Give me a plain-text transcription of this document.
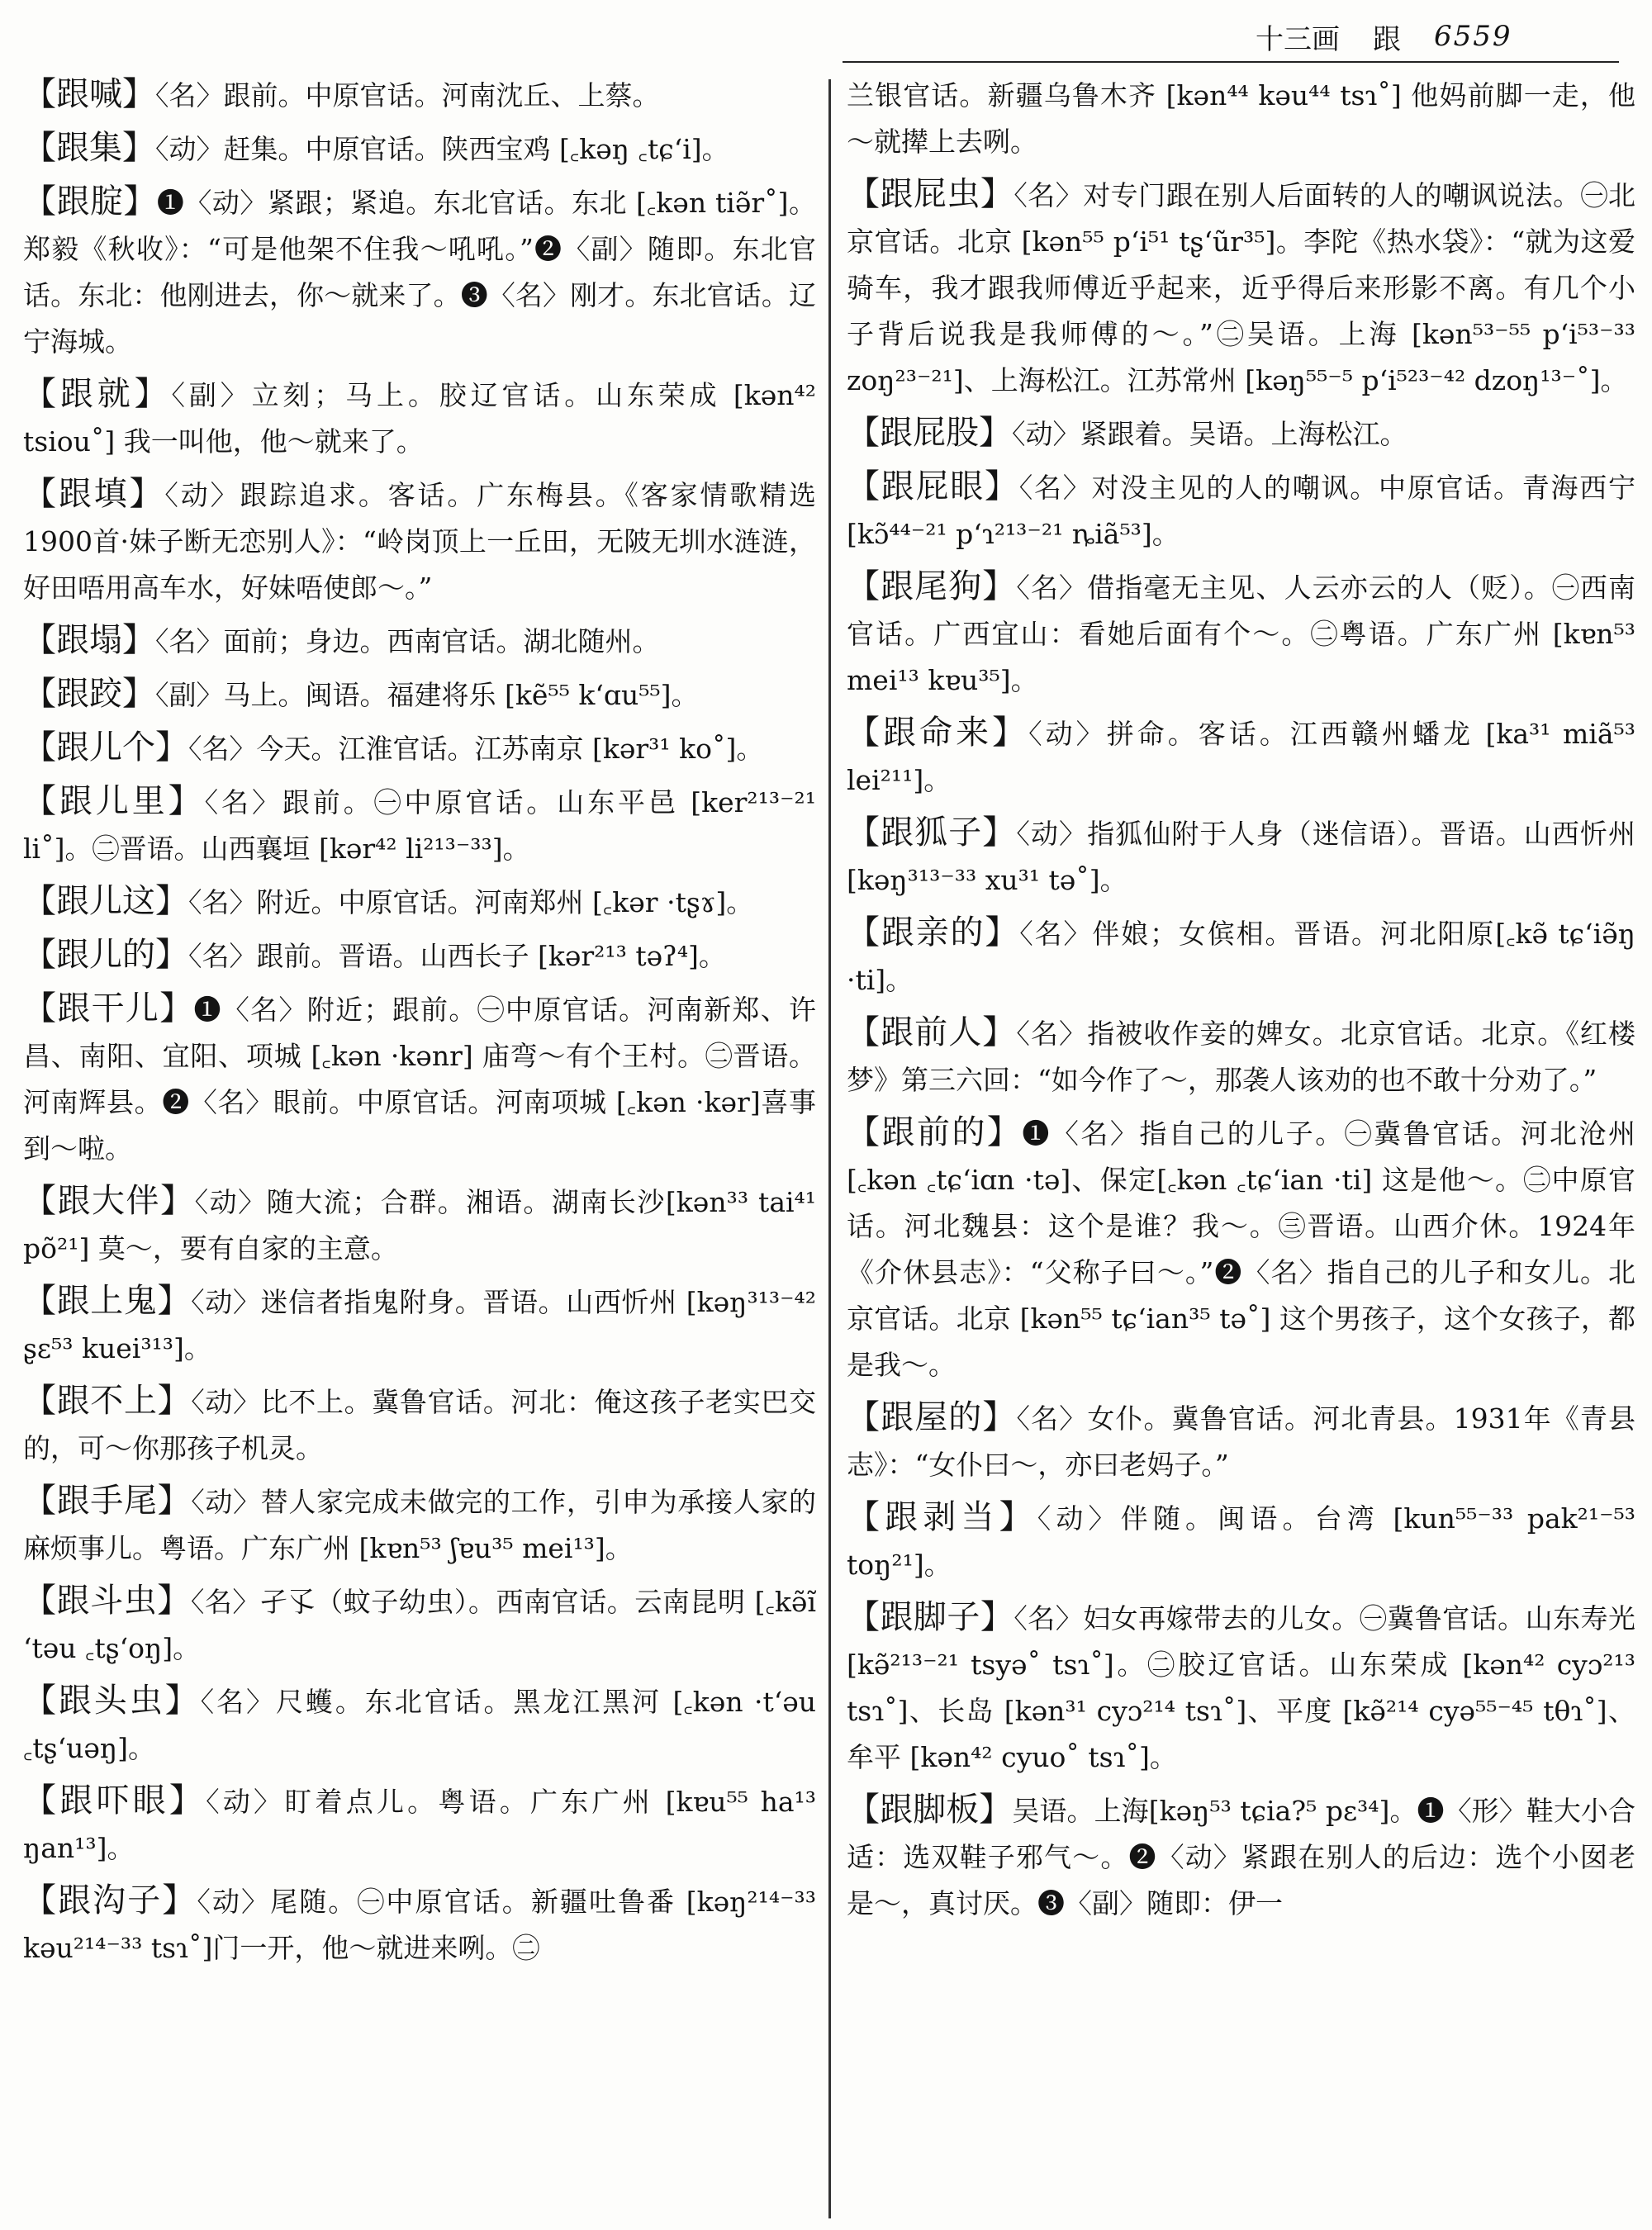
十三画 跟 6559

【跟喊】〈名〉跟前。中原官话。河南沈丘、上蔡。

【跟集】〈动〉赶集。中原官话。陕西宝鸡 [꜀kəŋ ꜀tɕ‘i]。

【跟腚】❶〈动〉紧跟；紧追。东北官话。东北 [꜀kən tiə̃r˚]。郑毅《秋收》：“可是他架不住我～吼吼。”❷〈副〉随即。东北官话。东北：他刚进去，你～就来了。❸〈名〉刚才。东北官话。辽宁海城。

【跟就】〈副〉立刻；马上。胶辽官话。山东荣成 [kən⁴² tsiou˚] 我一叫他，他～就来了。

【跟填】〈动〉跟踪追求。客话。广东梅县。《客家情歌精选1900首·妹子断无恋别人》：“岭岗顶上一丘田，无陂无圳水涟涟，好田唔用高车水，好妹唔使郎～。”

【跟塌】〈名〉面前；身边。西南官话。湖北随州。

【跟跤】〈副〉马上。闽语。福建将乐 [kẽ⁵⁵ k‘ɑu⁵⁵]。

【跟儿个】〈名〉今天。江淮官话。江苏南京 [kər³¹ ko˚]。

【跟儿里】〈名〉跟前。㊀中原官话。山东平邑 [ker²¹³⁻²¹ li˚]。㊁晋语。山西襄垣 [kər⁴² li²¹³⁻³³]。

【跟儿这】〈名〉附近。中原官话。河南郑州 [꜀kər ·tʂɤ]。

【跟儿的】〈名〉跟前。晋语。山西长子 [kər²¹³ təʔ⁴]。

【跟干儿】❶〈名〉附近；跟前。㊀中原官话。河南新郑、许昌、南阳、宜阳、项城 [꜀kən ·kənr] 庙弯～有个王村。㊁晋语。河南辉县。❷〈名〉眼前。中原官话。河南项城 [꜀kən ·kər]喜事到～啦。

【跟大伴】〈动〉随大流；合群。湘语。湖南长沙[kən³³ tai⁴¹ põ²¹] 莫～，要有自家的主意。

【跟上鬼】〈动〉迷信者指鬼附身。晋语。山西忻州 [kəŋ³¹³⁻⁴² ʂɛ⁵³ kuei³¹³]。

【跟不上】〈动〉比不上。冀鲁官话。河北：俺这孩子老实巴交的，可～你那孩子机灵。

【跟手尾】〈动〉替人家完成未做完的工作，引申为承接人家的麻烦事儿。粤语。广东广州 [kɐn⁵³ ʃɐu³⁵ mei¹³]。

【跟斗虫】〈名〉孑孓（蚊子幼虫）。西南官话。云南昆明 [꜀kə̃ĩ ‘təu ꜀tʂ‘oŋ]。

【跟头虫】〈名〉尺蠖。东北官话。黑龙江黑河 [꜀kən ·t‘əu ꜀tʂ‘uəŋ]。

【跟吓眼】〈动〉盯着点儿。粤语。广东广州 [kɐu⁵⁵ ha¹³ ŋan¹³]。

【跟沟子】〈动〉尾随。㊀中原官话。新疆吐鲁番 [kəŋ²¹⁴⁻³³ kəu²¹⁴⁻³³ tsɿ˚]门一开，他～就进来咧。㊁

兰银官话。新疆乌鲁木齐 [kən⁴⁴ kəu⁴⁴ tsɿ˚] 他妈前脚一走，他～就撵上去咧。

【跟屁虫】〈名〉对专门跟在别人后面转的人的嘲讽说法。㊀北京官话。北京 [kən⁵⁵ p‘i⁵¹ tʂ‘ũr³⁵]。李陀《热水袋》：“就为这爱骑车，我才跟我师傅近乎起来，近乎得后来形影不离。有几个小子背后说我是我师傅的～。”㊁吴语。上海 [kən⁵³⁻⁵⁵ p‘i⁵³⁻³³ zoŋ²³⁻²¹]、上海松江。江苏常州 [kəŋ⁵⁵⁻⁵ p‘i⁵²³⁻⁴² dzoŋ¹³⁻˚]。

【跟屁股】〈动〉紧跟着。吴语。上海松江。

【跟屁眼】〈名〉对没主见的人的嘲讽。中原官话。青海西宁 [kɔ̃⁴⁴⁻²¹ p‘ɿ²¹³⁻²¹ ȵiã⁵³]。

【跟尾狗】〈名〉借指毫无主见、人云亦云的人（贬）。㊀西南官话。广西宜山：看她后面有个～。㊁粤语。广东广州 [kɐn⁵³ mei¹³ kɐu³⁵]。

【跟命来】〈动〉拼命。客话。江西赣州蟠龙 [ka³¹ miã⁵³ lei²¹¹]。

【跟狐子】〈动〉指狐仙附于人身（迷信语）。晋语。山西忻州 [kəŋ³¹³⁻³³ xu³¹ tə˚]。

【跟亲的】〈名〉伴娘；女傧相。晋语。河北阳原[꜀kə̃ tɕ‘iə̃ŋ ·ti]。

【跟前人】〈名〉指被收作妾的婢女。北京官话。北京。《红楼梦》第三六回：“如今作了～，那袭人该劝的也不敢十分劝了。”

【跟前的】❶〈名〉指自己的儿子。㊀冀鲁官话。河北沧州[꜀kən ꜀tɕ‘iɑn ·tə]、保定[꜀kən ꜀tɕ‘ian ·ti] 这是他～。㊁中原官话。河北魏县：这个是谁？我～。㊂晋语。山西介休。1924年《介休县志》：“父称子曰～。”❷〈名〉指自己的儿子和女儿。北京官话。北京 [kən⁵⁵ tɕ‘ian³⁵ tə˚] 这个男孩子，这个女孩子，都是我～。

【跟屋的】〈名〉女仆。冀鲁官话。河北青县。1931年《青县志》：“女仆曰～，亦曰老妈子。”

【跟剥当】〈动〉伴随。闽语。台湾 [kun⁵⁵⁻³³ pak²¹⁻⁵³ toŋ²¹]。

【跟脚子】〈名〉妇女再嫁带去的儿女。㊀冀鲁官话。山东寿光 [kə̃²¹³⁻²¹ tsyə˚ tsɿ˚]。㊁胶辽官话。山东荣成 [kən⁴² cyɔ²¹³ tsɿ˚]、长岛 [kən³¹ cyɔ²¹⁴ tsɿ˚]、平度 [kə̃²¹⁴ cyə⁵⁵⁻⁴⁵ tθɿ˚]、牟平 [kən⁴² cyuo˚ tsɿ˚]。

【跟脚板】吴语。上海[kəŋ⁵³ tɕia?⁵ pɛ³⁴]。❶〈形〉鞋大小合适：选双鞋子邪气～。❷〈动〉紧跟在别人的后边：选个小囡老是～，真讨厌。❸〈副〉随即：伊一
